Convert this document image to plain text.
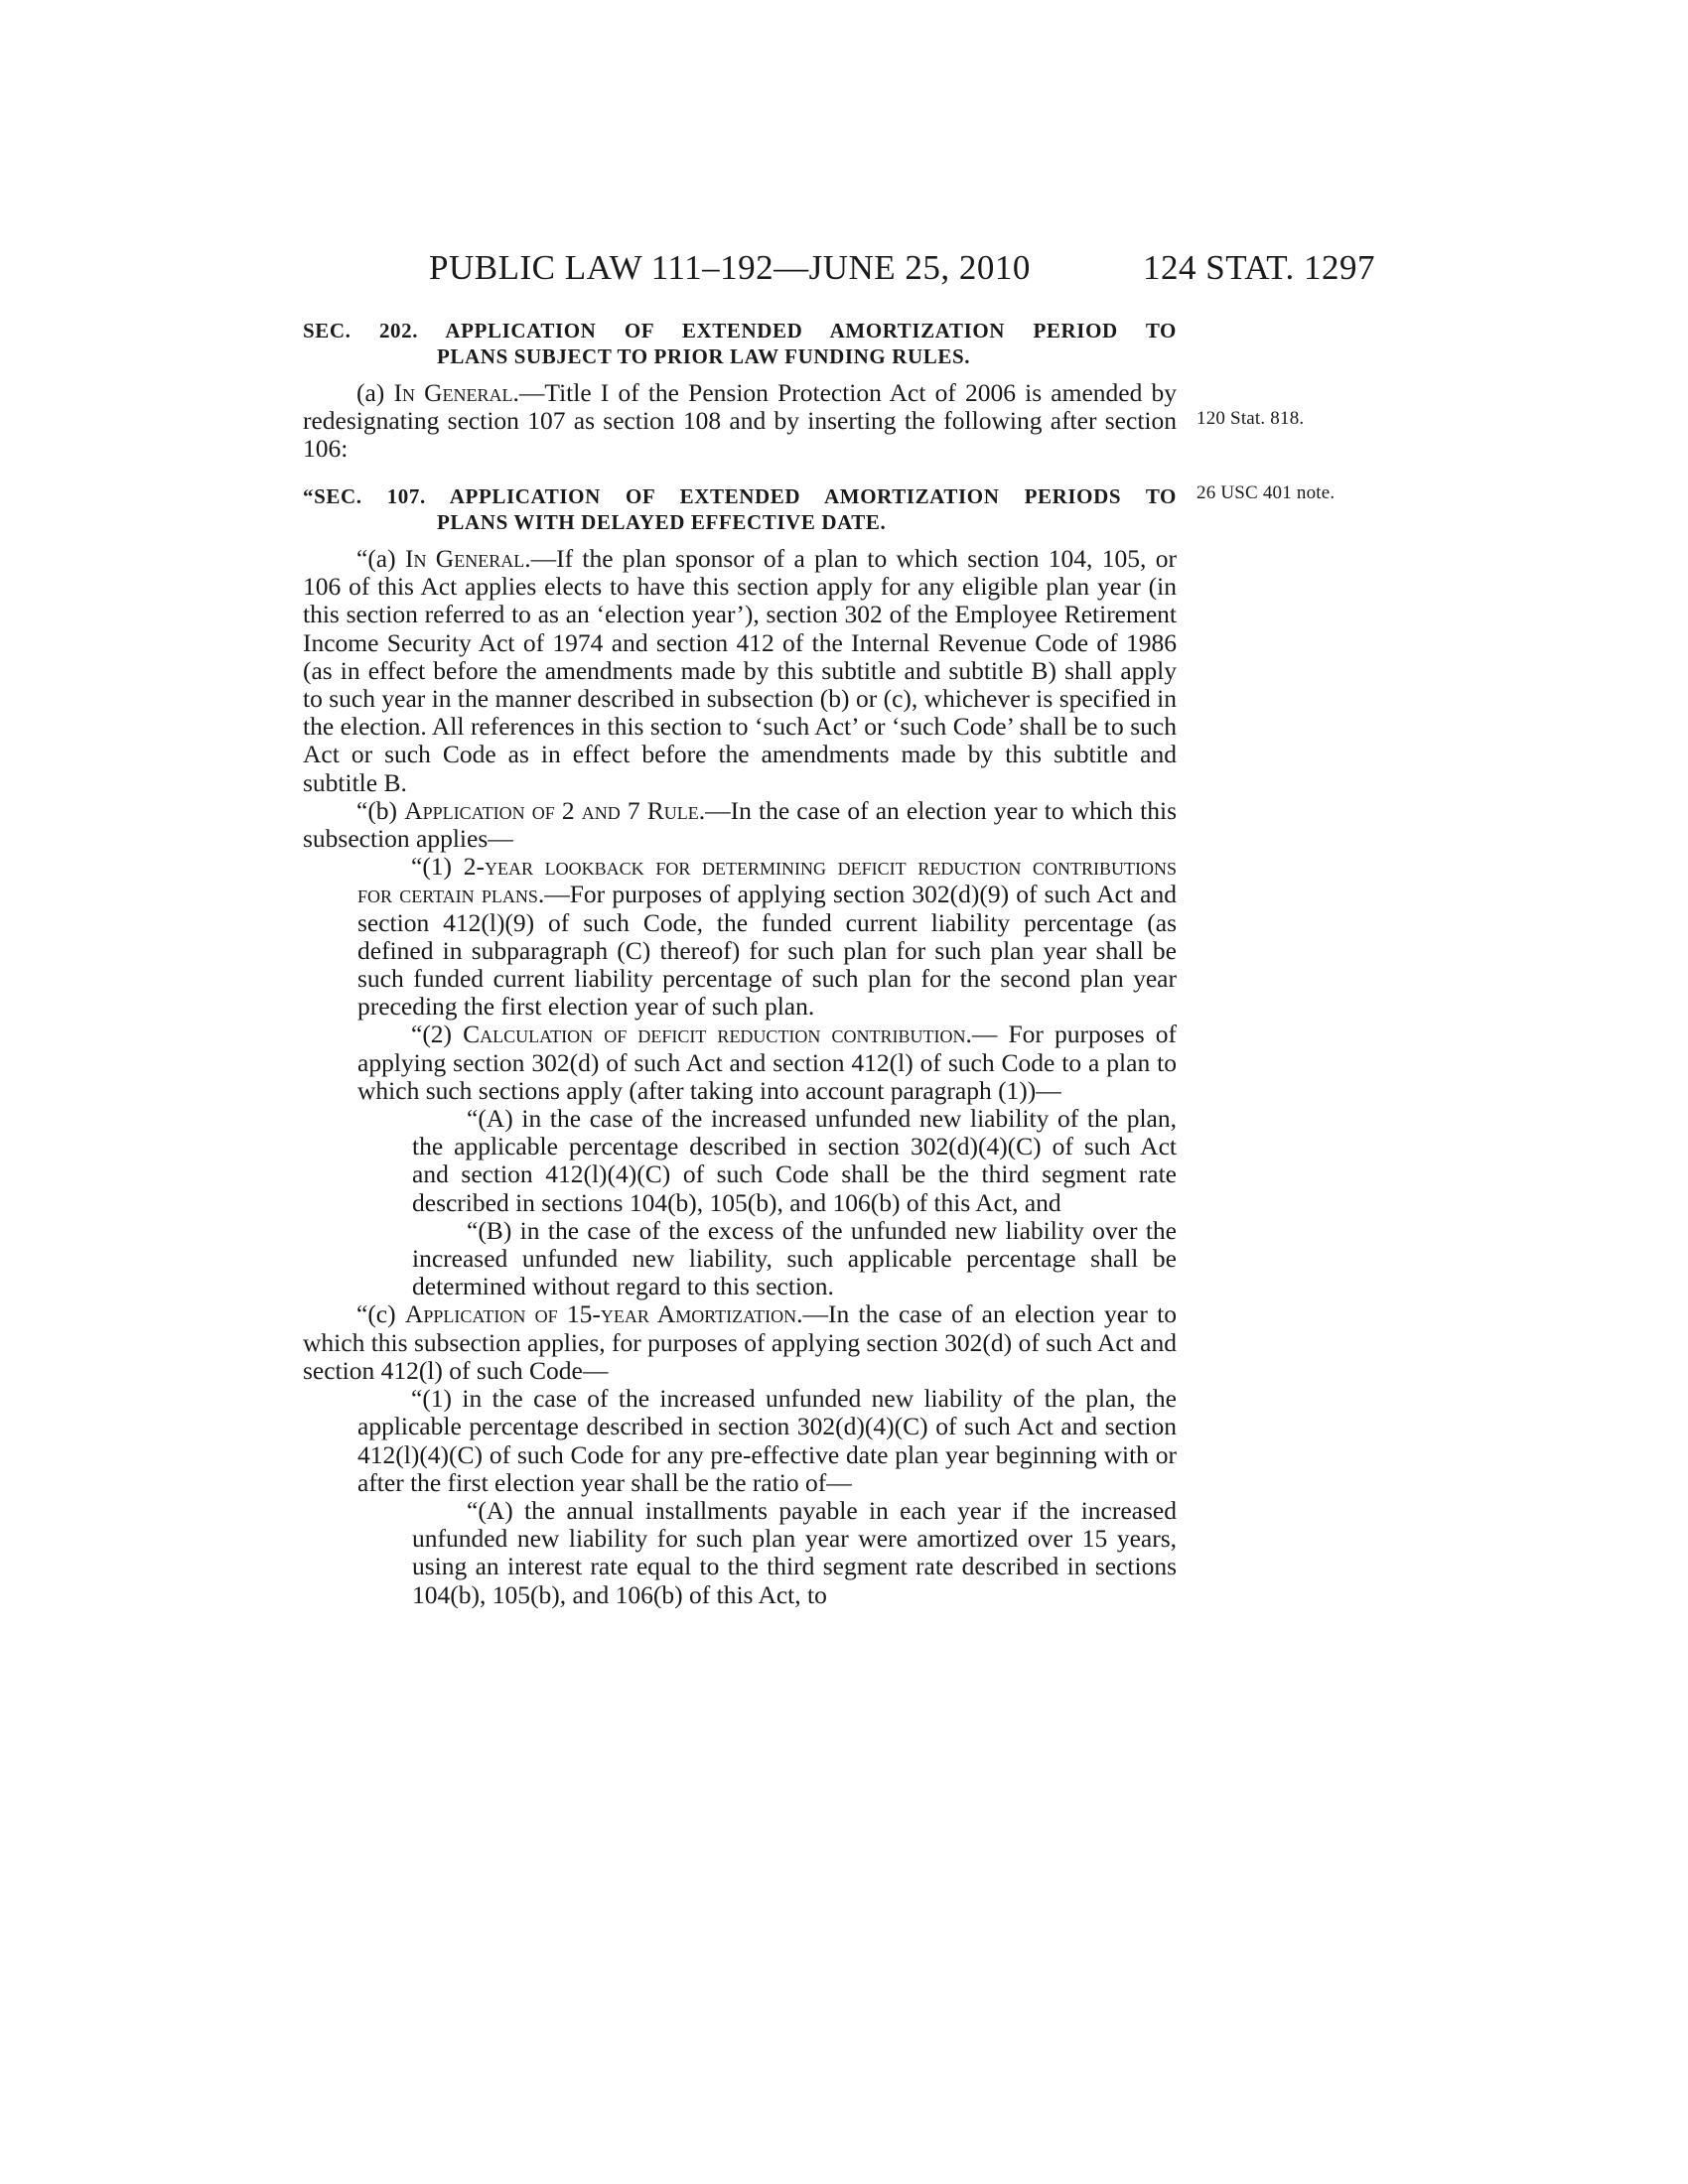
PUBLIC LAW 111–192—JUNE 25, 2010	124 STAT. 1297
120 Stat. 818.
26 USC 401 note.
SEC. 202. APPLICATION OF EXTENDED AMORTIZATION PERIOD TO
PLANS SUBJECT TO PRIOR LAW FUNDING RULES.

(a) In General.—Title I of the Pension Protection Act of 2006 is amended by redesignating section 107 as section 108 and by inserting the following after section 106:

“SEC. 107. APPLICATION OF EXTENDED AMORTIZATION PERIODS TO
PLANS WITH DELAYED EFFECTIVE DATE.

“(a) In General.—If the plan sponsor of a plan to which section 104, 105, or 106 of this Act applies elects to have this section apply for any eligible plan year (in this section referred to as an ‘election year’), section 302 of the Employee Retirement Income Security Act of 1974 and section 412 of the Internal Revenue Code of 1986 (as in effect before the amendments made by this subtitle and subtitle B) shall apply to such year in the manner described in subsection (b) or (c), whichever is specified in the election. All references in this section to ‘such Act’ or ‘such Code’ shall be to such Act or such Code as in effect before the amendments made by this subtitle and subtitle B.

“(b) Application of 2 and 7 Rule.—In the case of an election year to which this subsection applies—

“(1) 2-year lookback for determining deficit reduction contributions for certain plans.—For purposes of applying section 302(d)(9) of such Act and section 412(l)(9) of such Code, the funded current liability percentage (as defined in subparagraph (C) thereof) for such plan for such plan year shall be such funded current liability percentage of such plan for the second plan year preceding the first election year of such plan.

“(2) Calculation of deficit reduction contribution.— For purposes of applying section 302(d) of such Act and section 412(l) of such Code to a plan to which such sections apply (after taking into account paragraph (1))—

“(A) in the case of the increased unfunded new liability of the plan, the applicable percentage described in section 302(d)(4)(C) of such Act and section 412(l)(4)(C) of such Code shall be the third segment rate described in sections 104(b), 105(b), and 106(b) of this Act, and

“(B) in the case of the excess of the unfunded new liability over the increased unfunded new liability, such applicable percentage shall be determined without regard to this section.

“(c) Application of 15-year Amortization.—In the case of an election year to which this subsection applies, for purposes of applying section 302(d) of such Act and section 412(l) of such Code—

“(1) in the case of the increased unfunded new liability of the plan, the applicable percentage described in section 302(d)(4)(C) of such Act and section 412(l)(4)(C) of such Code for any pre-effective date plan year beginning with or after the first election year shall be the ratio of—

“(A) the annual installments payable in each year if the increased unfunded new liability for such plan year were amortized over 15 years, using an interest rate equal to the third segment rate described in sections 104(b), 105(b), and 106(b) of this Act, to
